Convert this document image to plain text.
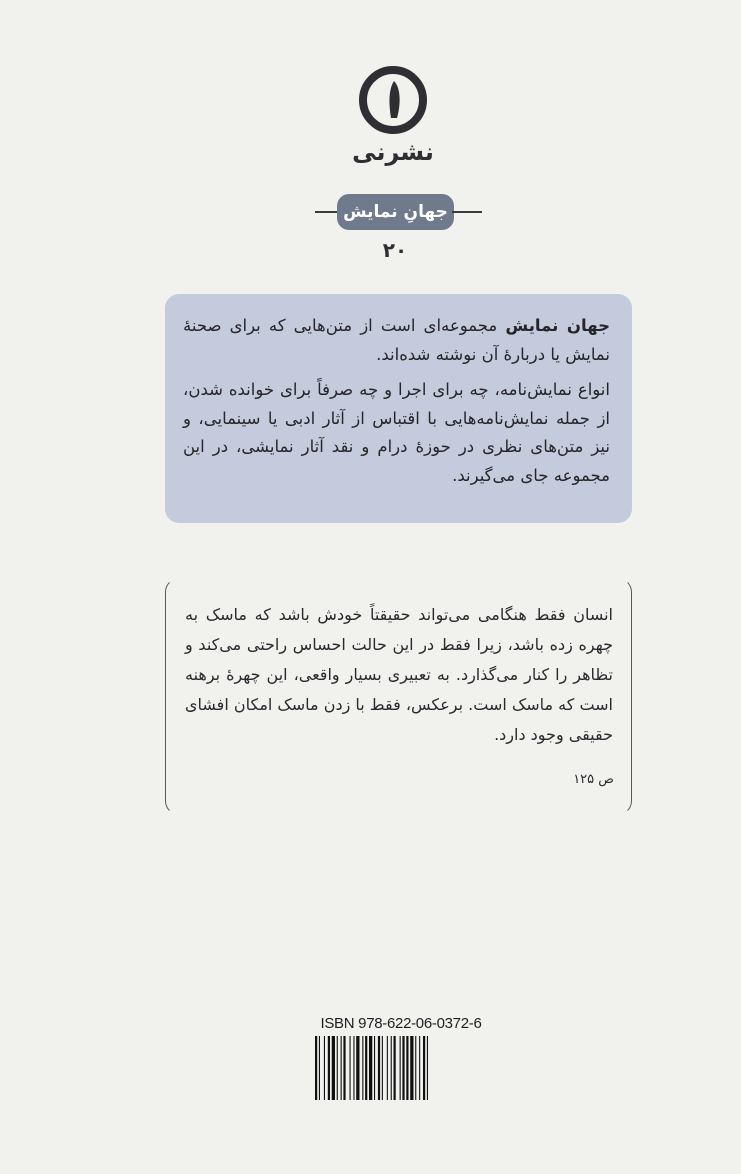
نشرنی
جهانِ نمایش
۲۰

جهان نمایش مجموعه‌ای است از متن‌هایی که برای صحنهٔ نمایش یا دربارهٔ آن نوشته شده‌اند.

انواع نمایش‌نامه، چه برای اجرا و چه صرفاً برای خوانده شدن، از جمله نمایش‌نامه‌هایی با اقتباس از آثار ادبی یا سینمایی، و نیز متن‌های نظری در حوزهٔ درام و نقد آثار نمایشی، در این مجموعه جای می‌گیرند.

انسان فقط هنگامی می‌تواند حقیقتاً خودش باشد که ماسک به چهره زده باشد، زیرا فقط در این حالت احساس راحتی می‌کند و تظاهر را کنار می‌گذارد. به تعبیری بسیار واقعی، این چهرهٔ برهنه است که ماسک است. برعکس، فقط با زدن ماسک امکان افشای حقیقی وجود دارد.
ص ۱۲۵
ISBN 978-622-06-0372-6
